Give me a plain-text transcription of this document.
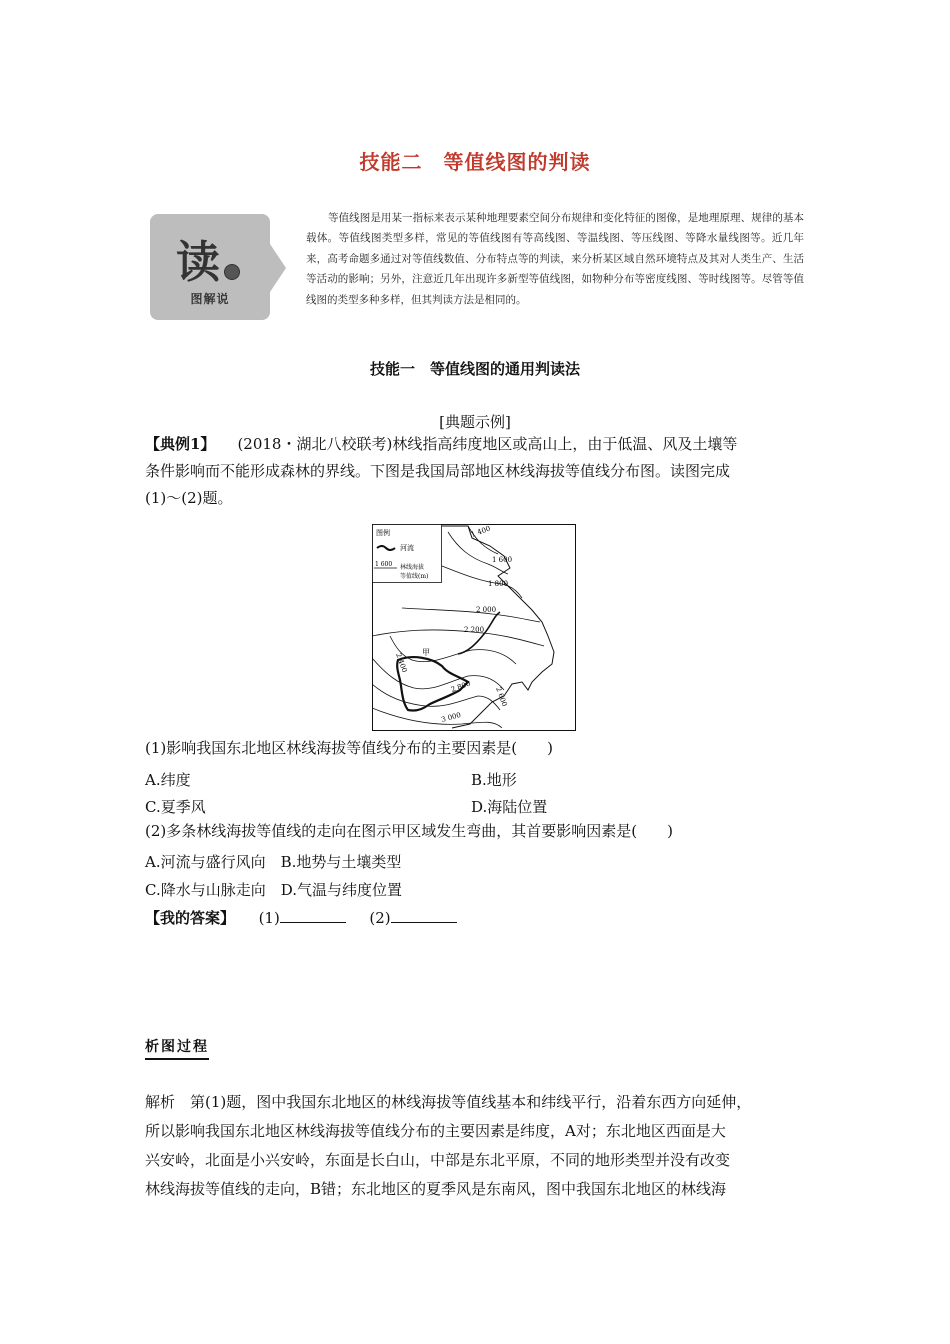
技能二　等值线图的判读
读
图解说
等值线图是用某一指标来表示某种地理要素空间分布规律和变化特征的图像，是地理原理、规律的基本载体。等值线图类型多样，常见的等值线图有等高线图、等温线图、等压线图、等降水量线图等。近几年来，高考命题多通过对等值线数值、分布特点等的判读，来分析某区域自然环境特点及其对人类生产、生活等活动的影响；另外，注意近几年出现许多新型等值线图，如物种分布等密度线图、等时线图等。尽管等值线图的类型多种多样，但其判读方法是相同的。
技能一　等值线图的通用判读法
[典题示例]
【典例1】 (2018・湖北八校联考)林线指高纬度地区或高山上，由于低温、风及土壤等
条件影响而不能形成森林的界线。下图是我国局部地区林线海拔等值线分布图。读图完成
(1)～(2)题。
图例
河流
1 600 林线海拔
等值线(m)
1 400
1 600
1 800
2 000
2 200
2 400 甲
2 800	2 600
3 000
(1)影响我国东北地区林线海拔等值线分布的主要因素是(　　)
A.纬度	B.地形
C.夏季风	D.海陆位置
(2)多条林线海拔等值线的走向在图示甲区域发生弯曲，其首要影响因素是(　　)
A.河流与盛行风向　B.地势与土壤类型
C.降水与山脉走向　D.气温与纬度位置
【我的答案】 (1)	(2)
析图过程
解析　第(1)题，图中我国东北地区的林线海拔等值线基本和纬线平行，沿着东西方向延伸，
所以影响我国东北地区林线海拔等值线分布的主要因素是纬度，A对；东北地区西面是大
兴安岭，北面是小兴安岭，东面是长白山，中部是东北平原，不同的地形类型并没有改变
林线海拔等值线的走向，B错；东北地区的夏季风是东南风，图中我国东北地区的林线海
